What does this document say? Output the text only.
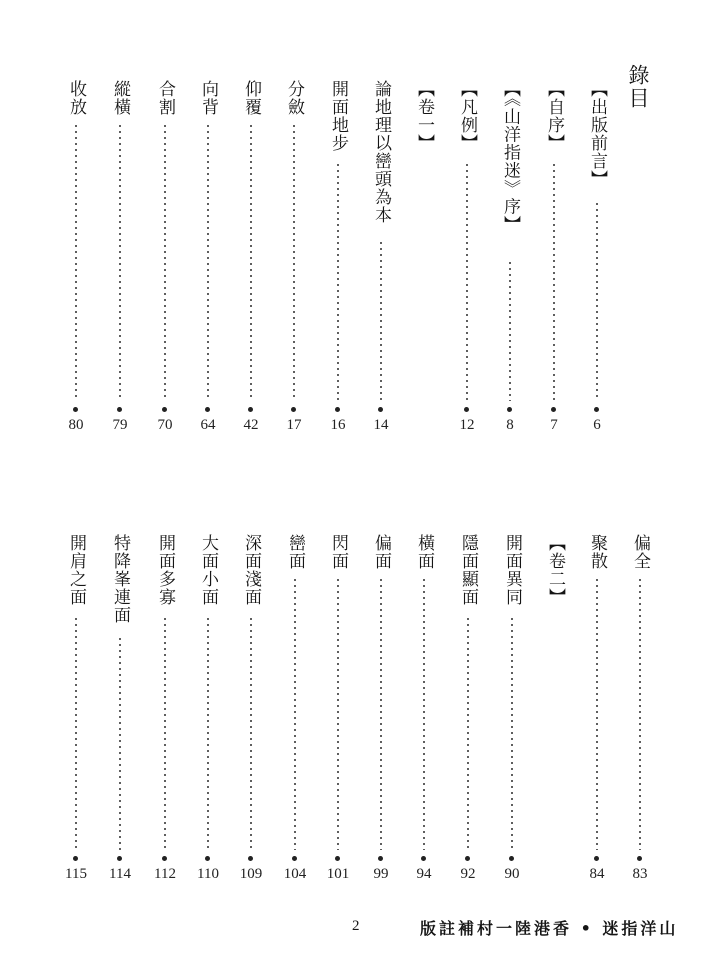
錄目
【出版前言】
6
【自序】
7
【《山洋指迷》序】
8
【凡例】
12
【卷一】
論地理以巒頭為本
14
開面地步
16
分斂
17
仰覆
42
向背
64
合割
70
縱橫
79
收放
80
偏全
83
聚散
84
【卷二】
開面異同
90
隱面顯面
92
橫面
94
偏面
99
閃面
101
巒面
104
深面淺面
109
大面小面
110
開面多寡
112
特降峯連面
114
開肩之面
115
2	版註補村一陸港香 • 迷指洋山
